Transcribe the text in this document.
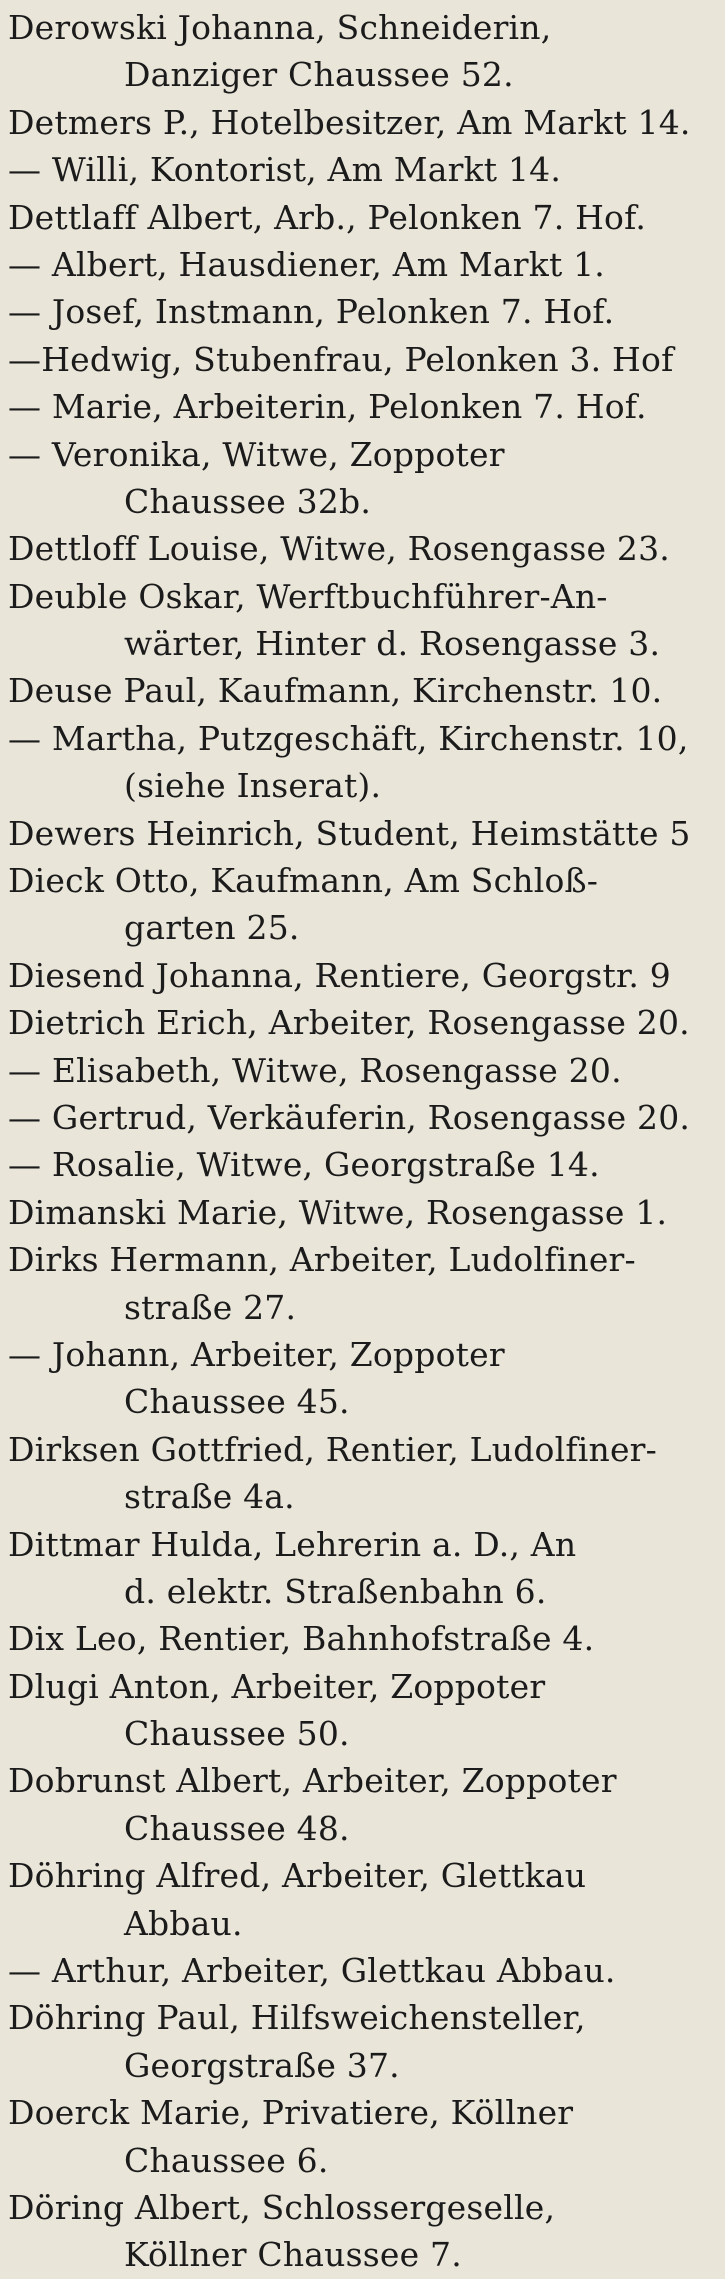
Derowski Johanna, Schneiderin,
Danziger Chaussee 52.
Detmers P., Hotelbesitzer, Am Markt 14.
— Willi, Kontorist, Am Markt 14.
Dettlaff Albert, Arb., Pelonken 7. Hof.
— Albert, Hausdiener, Am Markt 1.
— Josef, Instmann, Pelonken 7. Hof.
—Hedwig, Stubenfrau, Pelonken 3. Hof
— Marie, Arbeiterin, Pelonken 7. Hof.
— Veronika, Witwe, Zoppoter
Chaussee 32b.
Dettloff Louise, Witwe, Rosengasse 23.
Deuble Oskar, Werftbuchführer-An-
wärter, Hinter d. Rosengasse 3.
Deuse Paul, Kaufmann, Kirchenstr. 10.
— Martha, Putzgeschäft, Kirchenstr. 10,
(siehe Inserat).
Dewers Heinrich, Student, Heimstätte 5
Dieck Otto, Kaufmann, Am Schloß-
garten 25.
Diesend Johanna, Rentiere, Georgstr. 9
Dietrich Erich, Arbeiter, Rosengasse 20.
— Elisabeth, Witwe, Rosengasse 20.
— Gertrud, Verkäuferin, Rosengasse 20.
— Rosalie, Witwe, Georgstraße 14.
Dimanski Marie, Witwe, Rosengasse 1.
Dirks Hermann, Arbeiter, Ludolfiner-
straße 27.
— Johann, Arbeiter, Zoppoter
Chaussee 45.
Dirksen Gottfried, Rentier, Ludolfiner-
straße 4a.
Dittmar Hulda, Lehrerin a. D., An
d. elektr. Straßenbahn 6.
Dix Leo, Rentier, Bahnhofstraße 4.
Dlugi Anton, Arbeiter, Zoppoter
Chaussee 50.
Dobrunst Albert, Arbeiter, Zoppoter
Chaussee 48.
Döhring Alfred, Arbeiter, Glettkau
Abbau.
— Arthur, Arbeiter, Glettkau Abbau.
Döhring Paul, Hilfsweichensteller,
Georgstraße 37.
Doerck Marie, Privatiere, Köllner
Chaussee 6.
Döring Albert, Schlossergeselle,
Köllner Chaussee 7.
